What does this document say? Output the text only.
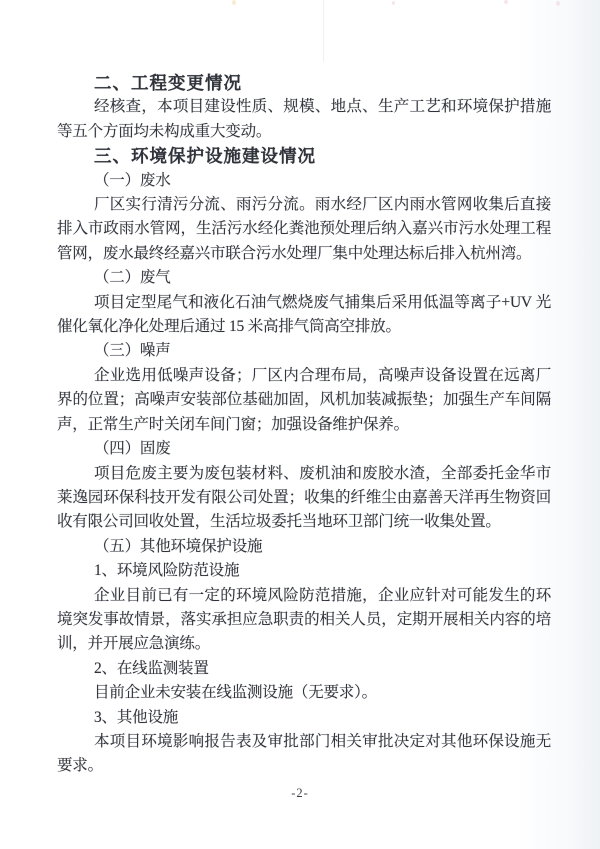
二、工程变更情况

经核查，本项目建设性质、规模、地点、生产工艺和环境保护措施等五个方面均未构成重大变动。

三、环境保护设施建设情况

（一）废水

厂区实行清污分流、雨污分流。雨水经厂区内雨水管网收集后直接排入市政雨水管网，生活污水经化粪池预处理后纳入嘉兴市污水处理工程管网，废水最终经嘉兴市联合污水处理厂集中处理达标后排入杭州湾。

（二）废气

项目定型尾气和液化石油气燃烧废气捕集后采用低温等离子+UV 光催化氧化净化处理后通过 15 米高排气筒高空排放。

（三）噪声

企业选用低噪声设备；厂区内合理布局，高噪声设备设置在远离厂界的位置；高噪声安装部位基础加固，风机加装减振垫；加强生产车间隔声，正常生产时关闭车间门窗；加强设备维护保养。

（四）固废

项目危废主要为废包装材料、废机油和废胶水渣，全部委托金华市莱逸园环保科技开发有限公司处置；收集的纤维尘由嘉善天洋再生物资回收有限公司回收处置，生活垃圾委托当地环卫部门统一收集处置。

（五）其他环境保护设施

1、环境风险防范设施

企业目前已有一定的环境风险防范措施，企业应针对可能发生的环境突发事故情景，落实承担应急职责的相关人员，定期开展相关内容的培训，并开展应急演练。

2、在线监测装置

目前企业未安装在线监测设施（无要求）。

3、其他设施

本项目环境影响报告表及审批部门相关审批决定对其他环保设施无要求。

-2-
